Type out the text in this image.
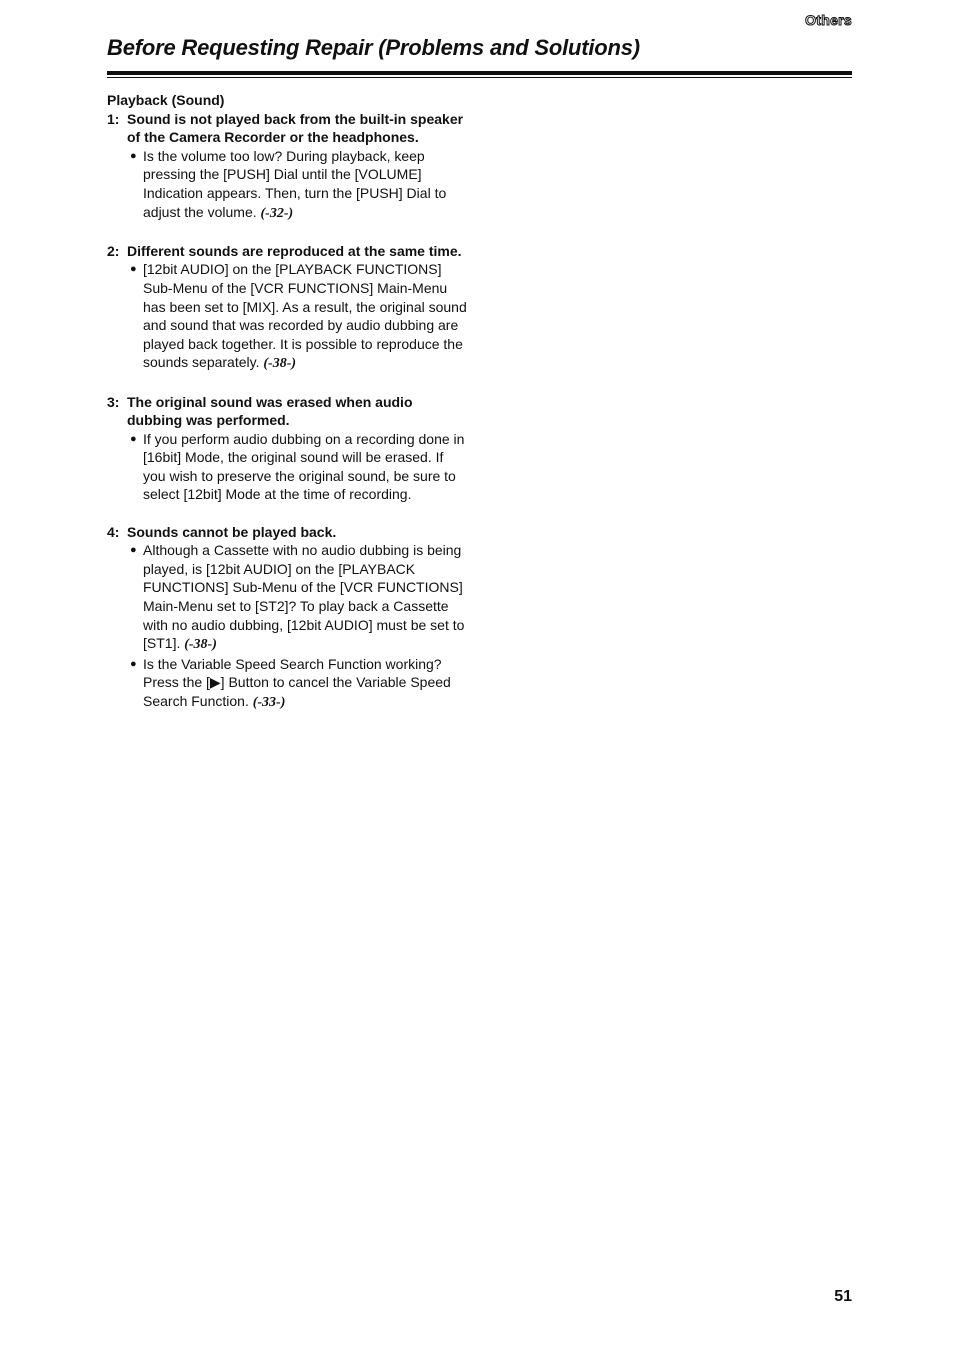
Others
Before Requesting Repair (Problems and Solutions)

Playback (Sound)

1: Sound is not played back from the built-in speaker of the Camera Recorder or the headphones.
● Is the volume too low? During playback, keep pressing the [PUSH] Dial until the [VOLUME] Indication appears. Then, turn the [PUSH] Dial to adjust the volume. (-32-)
2: Different sounds are reproduced at the same time.
● [12bit AUDIO] on the [PLAYBACK FUNCTIONS] Sub-Menu of the [VCR FUNCTIONS] Main-Menu has been set to [MIX]. As a result, the original sound and sound that was recorded by audio dubbing are played back together. It is possible to reproduce the sounds separately. (-38-)
3: The original sound was erased when audio dubbing was performed.
● If you perform audio dubbing on a recording done in [16bit] Mode, the original sound will be erased. If you wish to preserve the original sound, be sure to select [12bit] Mode at the time of recording.
4: Sounds cannot be played back.
● Although a Cassette with no audio dubbing is being played, is [12bit AUDIO] on the [PLAYBACK FUNCTIONS] Sub-Menu of the [VCR FUNCTIONS] Main-Menu set to [ST2]? To play back a Cassette with no audio dubbing, [12bit AUDIO] must be set to [ST1]. (-38-)
● Is the Variable Speed Search Function working? Press the [▶] Button to cancel the Variable Speed Search Function. (-33-)
51
